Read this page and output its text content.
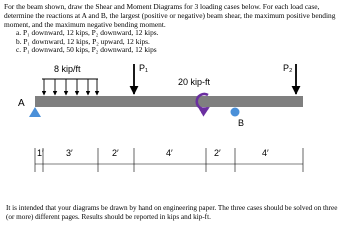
For the beam shown, draw the Shear and Moment Diagrams for 3 loading cases below. For each load case, determine the reactions at A and B, the largest (positive or negative) beam shear, the maximum positive bending moment, and the maximum negative bending moment.
a. P₁ downward, 12 kips, P₂ downward, 12 kips.
b. P₁ downward, 12 kips, P₂ upward, 12 kips.
c. P₁ downward, 50 kips, P₂ downward, 12 kips
8 kip/ft	P₁
20 kip-ft
P₂
A
B
1′ 3′	2′	4′	2′	4′
It is intended that your diagrams be drawn by hand on engineering paper. The three cases should be solved on three (or more) different pages. Results should be reported in kips and kip-ft.
